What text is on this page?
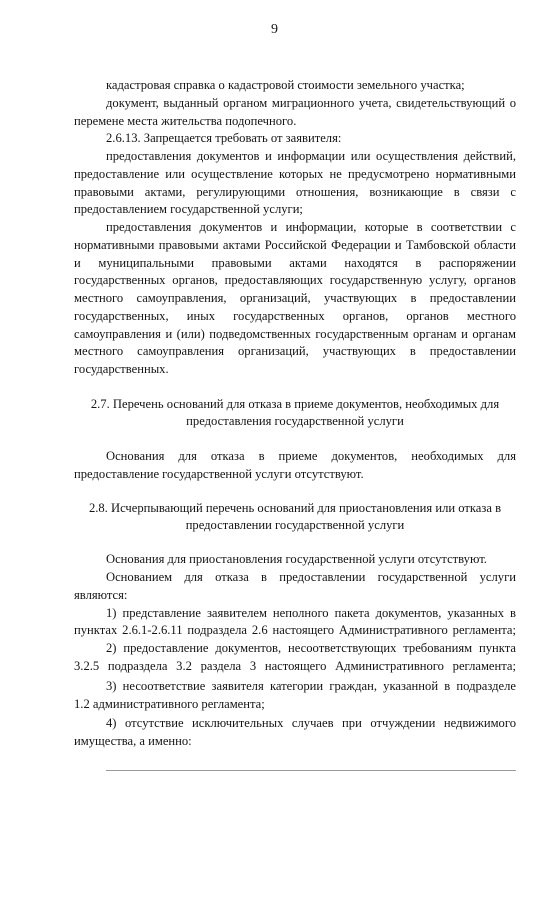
9

кадастровая справка о кадастровой стоимости земельного участка;

документ, выданный органом миграционного учета, свидетельствующий о

перемене места жительства подопечного.

2.6.13. Запрещается требовать от заявителя:

предоставления документов и информации или осуществления действий,

предоставление или осуществление которых не предусмотрено нормативными

правовыми актами, регулирующими отношения, возникающие в связи с

предоставлением государственной услуги;

предоставления документов и информации, которые в соответствии с

нормативными правовыми актами Российской Федерации и Тамбовской области

и муниципальными правовыми актами находятся в распоряжении

государственных органов, предоставляющих государственную услугу, органов

местного самоуправления, организаций, участвующих в предоставлении

государственных, иных государственных органов, органов местного

самоуправления и (или) подведомственных государственным органам и органам

местного самоуправления организаций, участвующих в предоставлении

государственных.

2.7. Перечень оснований для отказа в приеме документов, необходимых для

предоставления государственной услуги

Основания для отказа в приеме документов, необходимых для

предоставление государственной услуги отсутствуют.

2.8. Исчерпывающий перечень оснований для приостановления или отказа в

предоставлении государственной услуги

Основания для приостановления государственной услуги отсутствуют.

Основанием для отказа в предоставлении государственной услуги

являются:

1) представление заявителем неполного пакета документов, указанных в

пунктах 2.6.1-2.6.11 подраздела 2.6 настоящего Административного регламента;

2) предоставление документов, несоответствующих требованиям пункта

3.2.5 подраздела 3.2 раздела 3 настоящего Административного регламента;

3) несоответствие заявителя категории граждан, указанной в подразделе

1.2 административного регламента;

4) отсутствие исключительных случаев при отчуждении недвижимого

имущества, а именно:
